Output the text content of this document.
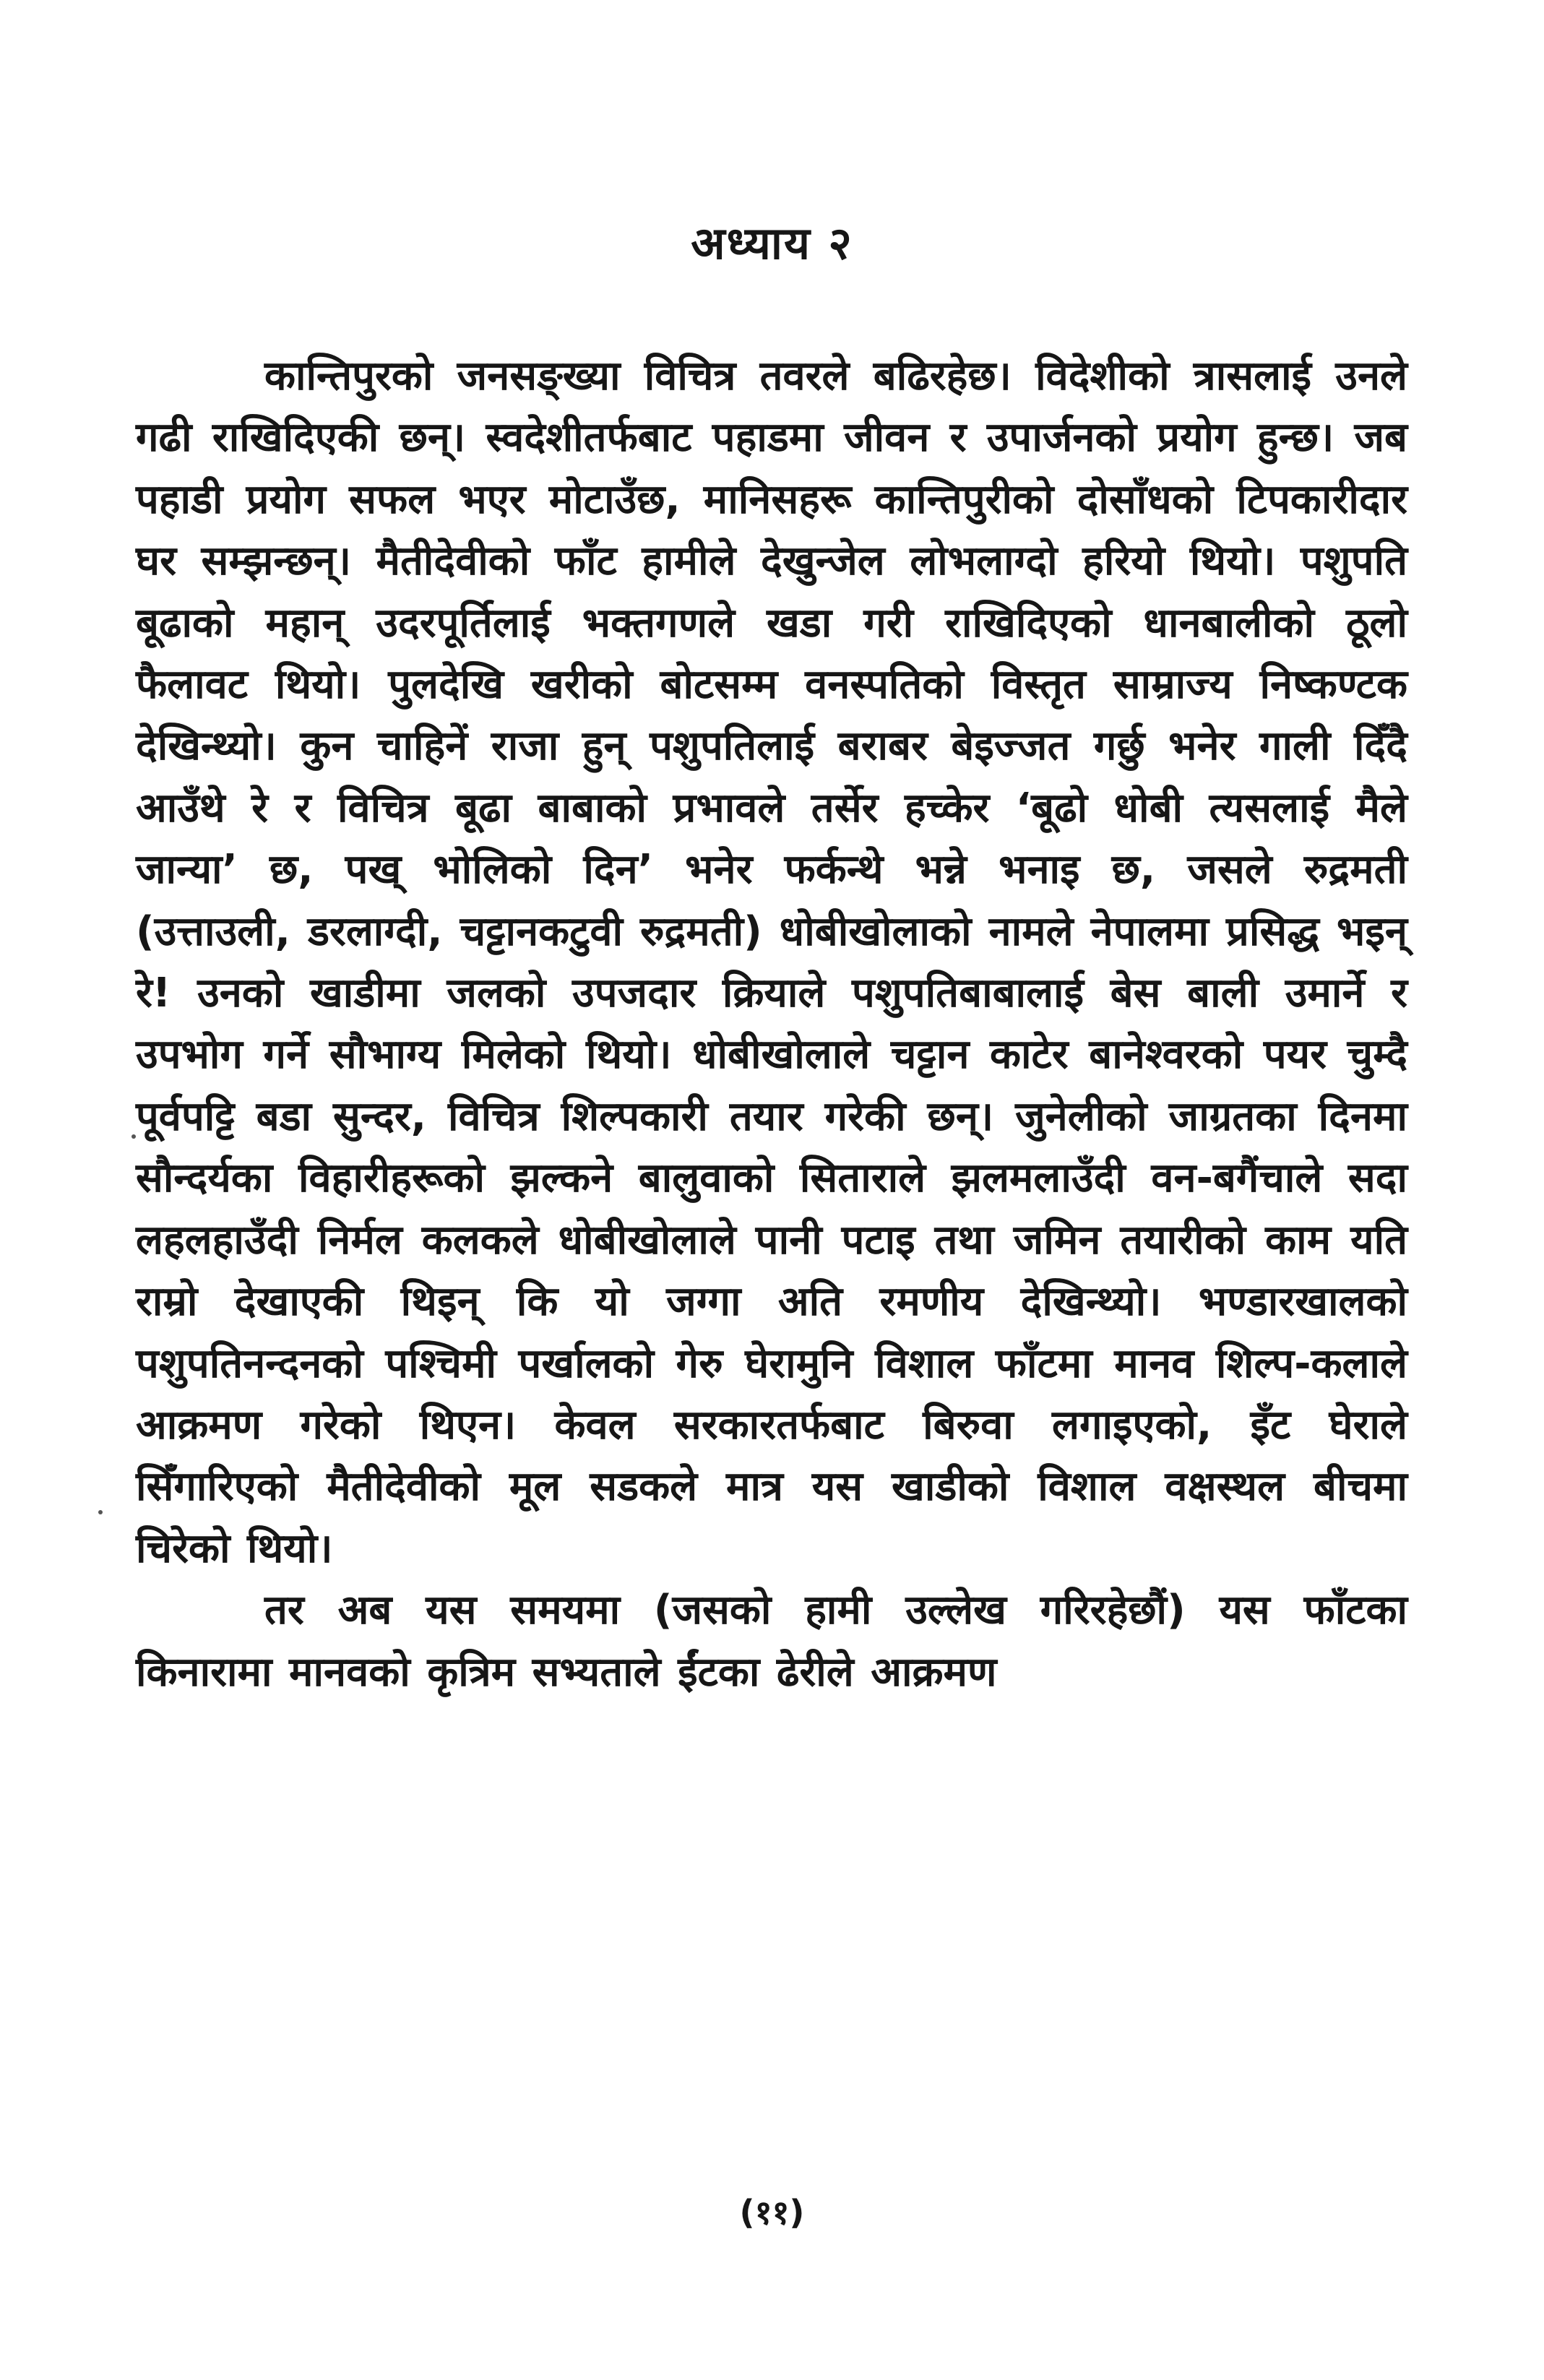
अध्याय २

कान्तिपुरको जनसङ्ख्या विचित्र तवरले बढिरहेछ। विदेशीको त्रासलाई उनले गढी राखिदिएकी छन्। स्वदेशीतर्फबाट पहाडमा जीवन र उपार्जनको प्रयोग हुन्छ। जब पहाडी प्रयोग सफल भएर मोटाउँछ, मानिसहरू कान्तिपुरीको दोसाँधको टिपकारीदार घर सम्झन्छन्। मैतीदेवीको फाँट हामीले देखुन्जेल लोभलाग्दो हरियो थियो। पशुपति बूढाको महान् उदरपूर्तिलाई भक्तगणले खडा गरी राखिदिएको धानबालीको ठूलो फैलावट थियो। पुलदेखि खरीको बोटसम्म वनस्पतिको विस्तृत साम्राज्य निष्कण्टक देखिन्थ्यो। कुन चाहिनें राजा हुन् पशुपतिलाई बराबर बेइज्जत गर्छु भनेर गाली दिँदै आउँथे रे र विचित्र बूढा बाबाको प्रभावले तर्सेर हच्केर ‘बूढो धोबी त्यसलाई मैले जान्या’ छ, पख् भोलिको दिन’ भनेर फर्कन्थे भन्ने भनाइ छ, जसले रुद्रमती (उत्ताउली, डरलाग्दी, चट्टानकटुवी रुद्रमती) धोबीखोलाको नामले नेपालमा प्रसिद्ध भइन् रे! उनको खाडीमा जलको उपजदार क्रियाले पशुपतिबाबालाई बेस बाली उमार्ने र उपभोग गर्ने सौभाग्य मिलेको थियो। धोबीखोलाले चट्टान काटेर बानेश्वरको पयर चुम्दै पूर्वपट्टि बडा सुन्दर, विचित्र शिल्पकारी तयार गरेकी छन्। जुनेलीको जाग्रतका दिनमा सौन्दर्यका विहारीहरूको झल्कने बालुवाको सिताराले झलमलाउँदी वन-बगैंचाले सदा लहलहाउँदी निर्मल कलकले धोबीखोलाले पानी पटाइ तथा जमिन तयारीको काम यति राम्रो देखाएकी थिइन् कि यो जग्गा अति रमणीय देखिन्थ्यो। भण्डारखालको पशुपतिनन्दनको पश्चिमी पर्खालको गेरु घेरामुनि विशाल फाँटमा मानव शिल्प-कलाले आक्रमण गरेको थिएन। केवल सरकारतर्फबाट बिरुवा लगाइएको, इँट घेराले सिँगारिएको मैतीदेवीको मूल सडकले मात्र यस खाडीको विशाल वक्षस्थल बीचमा चिरेको थियो।

तर अब यस समयमा (जसको हामी उल्लेख गरिरहेछौं) यस फाँटका किनारामा मानवको कृत्रिम सभ्यताले ईंटका ढेरीले आक्रमण

(११)
